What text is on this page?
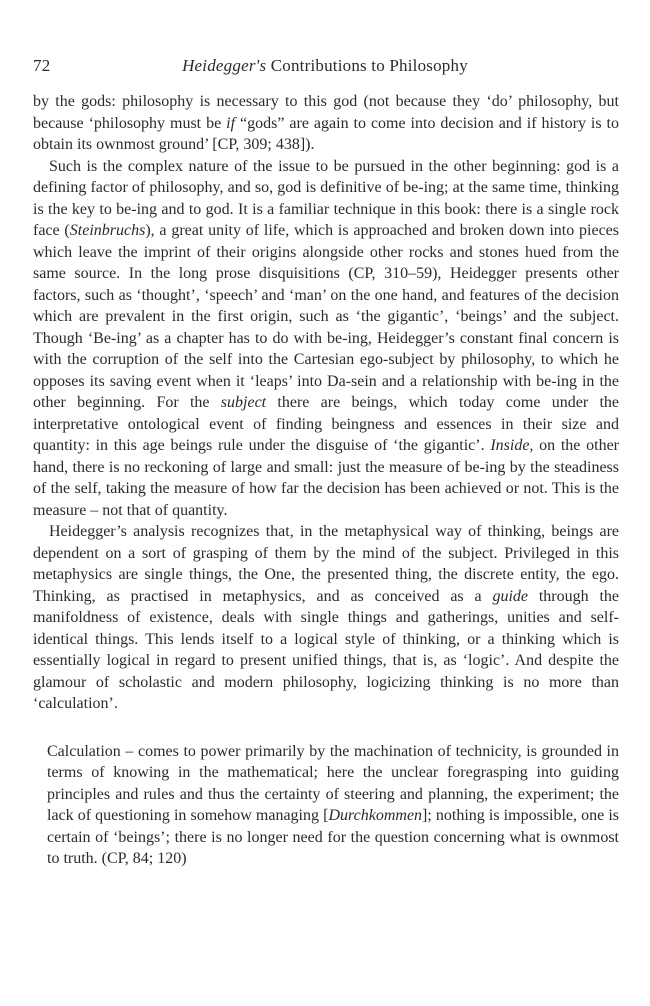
72	Heidegger's Contributions to Philosophy

by the gods: philosophy is necessary to this god (not because they ‘do’ philosophy, but because ‘philosophy must be if “gods” are again to come into decision and if history is to obtain its ownmost ground’ [CP, 309; 438]).

Such is the complex nature of the issue to be pursued in the other beginning: god is a defining factor of philosophy, and so, god is definitive of be-ing; at the same time, thinking is the key to be-ing and to god. It is a familiar technique in this book: there is a single rock face (Steinbruchs), a great unity of life, which is approached and broken down into pieces which leave the imprint of their origins alongside other rocks and stones hued from the same source. In the long prose disquisitions (CP, 310–59), Heidegger presents other factors, such as ‘thought’, ‘speech’ and ‘man’ on the one hand, and features of the decision which are prevalent in the first origin, such as ‘the gigantic’, ‘beings’ and the subject. Though ‘Be-ing’ as a chapter has to do with be-ing, Heidegger’s constant final concern is with the corruption of the self into the Cartesian ego-subject by philosophy, to which he opposes its saving event when it ‘leaps’ into Da-sein and a relationship with be-ing in the other beginning. For the subject there are beings, which today come under the interpretative ontological event of finding beingness and essences in their size and quantity: in this age beings rule under the disguise of ‘the gigantic’. Inside, on the other hand, there is no reckoning of large and small: just the measure of be-ing by the steadiness of the self, taking the measure of how far the decision has been achieved or not. This is the measure – not that of quantity.

Heidegger’s analysis recognizes that, in the metaphysical way of thinking, beings are dependent on a sort of grasping of them by the mind of the subject. Privileged in this metaphysics are single things, the One, the presented thing, the discrete entity, the ego. Thinking, as practised in metaphysics, and as conceived as a guide through the manifoldness of existence, deals with single things and gatherings, unities and self-identical things. This lends itself to a logical style of thinking, or a thinking which is essentially logical in regard to present unified things, that is, as ‘logic’. And despite the glamour of scholastic and modern philosophy, logicizing thinking is no more than ‘calculation’.

Calculation – comes to power primarily by the machination of technicity, is grounded in terms of knowing in the mathematical; here the unclear foregrasping into guiding principles and rules and thus the certainty of steering and planning, the experiment; the lack of questioning in somehow managing [Durchkommen]; nothing is impossible, one is certain of ‘beings’; there is no longer need for the question concerning what is ownmost to truth. (CP, 84; 120)
